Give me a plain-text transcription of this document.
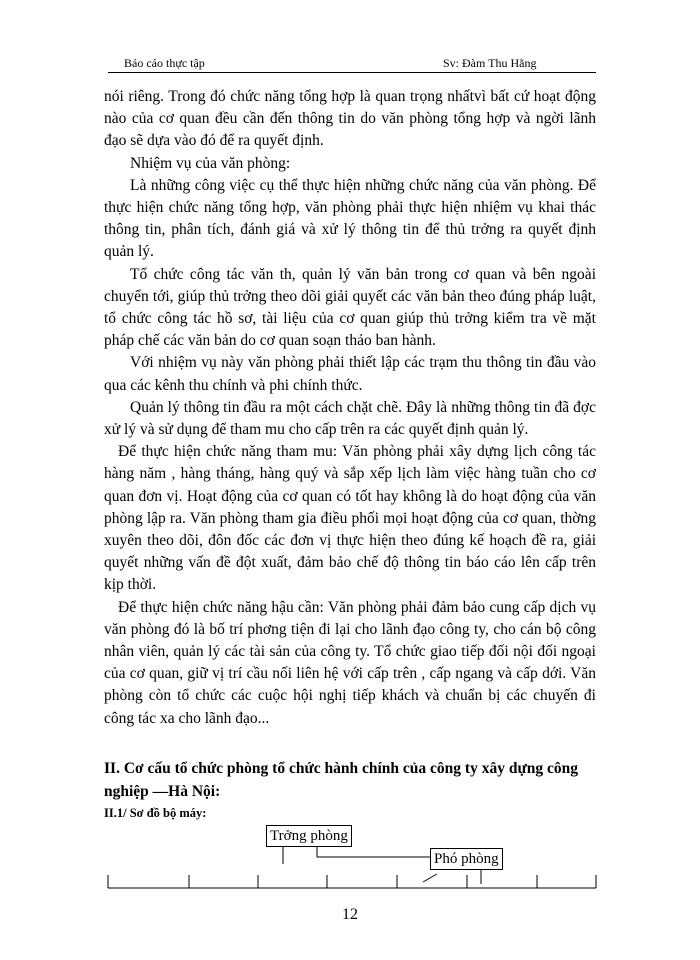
Báo cáo thực tập	Sv: Đàm Thu Hằng

nói riêng. Trong đó chức năng tổng hợp là quan trọng nhấtvì bất cứ hoạt động nào của cơ quan đều cần đến thông tin do văn phòng tổng hợp và ngời lãnh đạo sẽ dựa vào đó để ra quyết định.

Nhiệm vụ của văn phòng:

Là những công việc cụ thể thực hiện những chức năng của văn phòng. Để thực hiện chức năng tổng hợp, văn phòng phải thực hiện nhiệm vụ khai thác thông tin, phân tích, đánh giá và xử lý thông tin để thủ trởng ra quyết định quản lý.

Tổ chức công tác văn th, quản lý văn bản trong cơ quan và bên ngoài chuyển tới, giúp thủ trởng theo dõi giải quyết các văn bản theo đúng pháp luật, tổ chức công tác hồ sơ, tài liệu của cơ quan giúp thủ trởng kiểm tra về mặt pháp chế các văn bản do cơ quan soạn thảo ban hành.

Với nhiệm vụ này văn phòng phải thiết lập các trạm thu thông tin đầu vào qua các kênh thu chính và phi chính thức.

Quản lý thông tin đầu ra một cách chặt chẽ. Đây là những thông tin đã đợc xử lý và sử dụng để tham mu cho cấp trên ra các quyết định quản lý.

Để thực hiện chức năng tham mu: Văn phòng phải xây dựng lịch công tác hàng năm , hàng tháng, hàng quý và sắp xếp lịch làm việc hàng tuần cho cơ quan đơn vị. Hoạt động của cơ quan có tốt hay không là do hoạt động của văn phòng lập ra. Văn phòng tham gia điều phối mọi hoạt động của cơ quan, thờng xuyên theo dõi, đôn đốc các đơn vị thực hiện theo đúng kế hoạch đề ra, giải quyết những vấn đề đột xuất, đảm bảo chế độ thông tin báo cáo lên cấp trên kịp thời.

Để thực hiện chức năng hậu cần: Văn phòng phải đảm bảo cung cấp dịch vụ văn phòng đó là bố trí phơng tiện đi lại cho lãnh đạo công ty, cho cán bộ công nhân viên, quản lý các tài sản của công ty. Tổ chức giao tiếp đối nội đối ngoại của cơ quan, giữ vị trí cầu nối liên hệ với cấp trên , cấp ngang và cấp dới. Văn phòng còn tổ chức các cuộc hội nghị tiếp khách và chuẩn bị các chuyến đi công tác xa cho lãnh đạo...

II. Cơ cấu tổ chức phòng tổ chức hành chính của công ty xây dựng công nghiệp —Hà Nội:
II.1/ Sơ đồ bộ máy:
Trởng phòng
Phó phòng
12
